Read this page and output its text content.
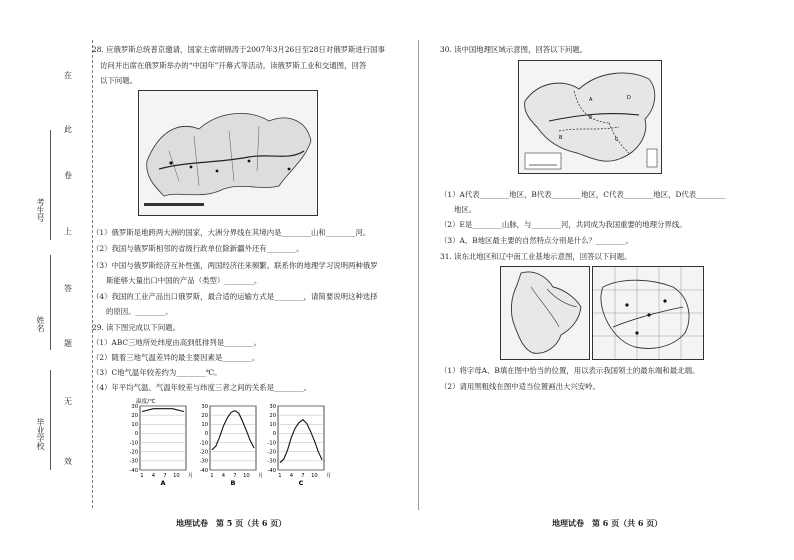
在
此
卷
上
答
题
无
效
考生号
姓名
毕业学校
28. 应俄罗斯总统普京邀请，国家主席胡锦涛于2007年3月26日至28日对俄罗斯进行国事
访问并出席在俄罗斯举办的“中国年”开幕式等活动。读俄罗斯工业和交通图，回答
以下问题。
（1）俄罗斯是地跨两大洲的国家，大洲分界线在其境内是________山和________河。
（2）我国与俄罗斯相邻的省级行政单位除新疆外还有________。
（3）中国与俄罗斯经济互补性强，两国经济往来频繁。联系你的地理学习说明两种俄罗
斯能够大量出口中国的产品（类型）________。
（4）我国的工业产品出口俄罗斯，最合适的运输方式是________，请简要说明这种选择
的原因。________。
29. 读下图完成以下问题。
（1）ABC三地所处纬度由高到低排列是________。
（2）随着三地气温差异的最主要因素是________。
（3）C地气温年较差约为________℃。
（4）年平均气温、气温年较差与纬度三者之间的关系是________。
30
20
10
0
-10
-20
-30
-40
1 4 7 10 月
温度/℃
A
30
20
10
0
-10
-20
-30
-40
1 4 7 10 月
B
30
20
10
0
-10
-20
-30
-40
1 4 7 10 月
C
地理试卷　第 5 页（共 6 页）
30. 读中国地理区域示意图，回答以下问题。
A
B	C
D
E
（1）A代表________地区，B代表________地区，C代表________地区，D代表________
地区。
（2）E是________山脉，与________河，共同成为我国重要的地理分界线。
（3）A、B地区最主要的自然特点分别是什么？________。
31. 读东北地区和辽中南工业基地示意图，回答以下问题。
（1）将字母A、B填在图中恰当的位置，用以表示我国领土的最东端和最北端。
（2）请用黑粗线在图中适当位置画出大兴安岭。
地理试卷　第 6 页（共 6 页）
